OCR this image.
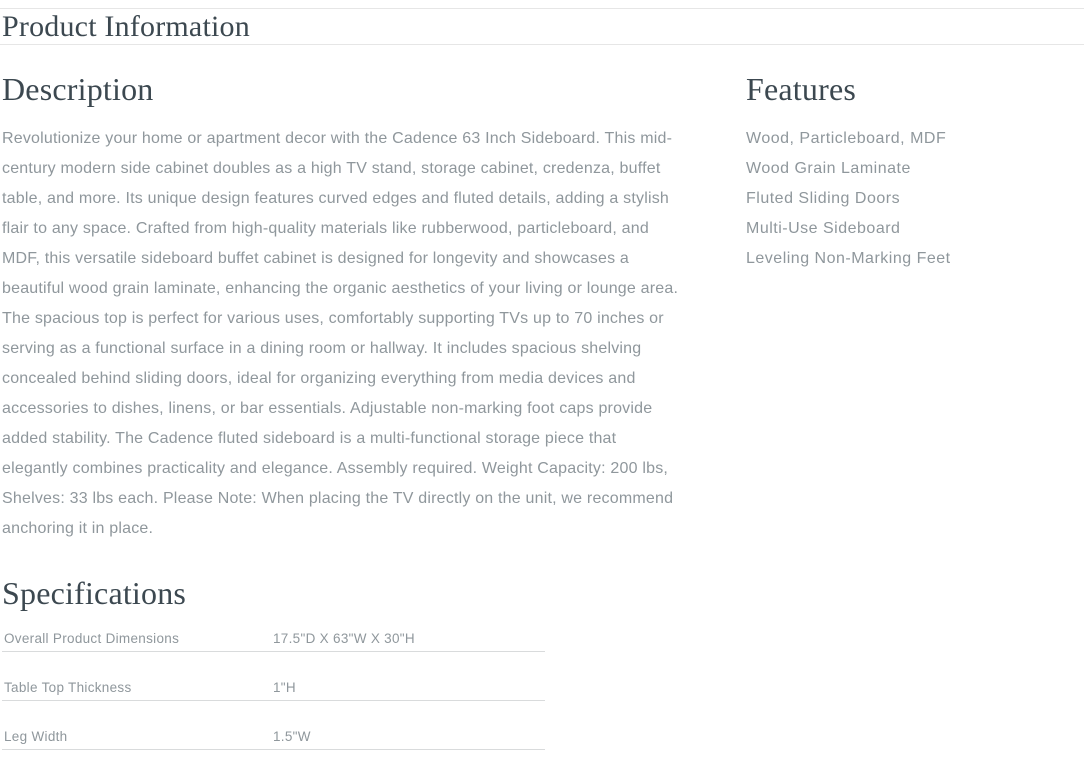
Product Information
Description

Revolutionize your home or apartment decor with the Cadence 63 Inch Sideboard. This mid-century modern side cabinet doubles as a high TV stand, storage cabinet, credenza, buffet table, and more. Its unique design features curved edges and fluted details, adding a stylish flair to any space. Crafted from high-quality materials like rubberwood, particleboard, and MDF, this versatile sideboard buffet cabinet is designed for longevity and showcases a beautiful wood grain laminate, enhancing the organic aesthetics of your living or lounge area. The spacious top is perfect for various uses, comfortably supporting TVs up to 70 inches or serving as a functional surface in a dining room or hallway. It includes spacious shelving concealed behind sliding doors, ideal for organizing everything from media devices and accessories to dishes, linens, or bar essentials. Adjustable non-marking foot caps provide added stability. The Cadence fluted sideboard is a multi-functional storage piece that elegantly combines practicality and elegance. Assembly required. Weight Capacity: 200 lbs, Shelves: 33 lbs each. Please Note: When placing the TV directly on the unit, we recommend anchoring it in place.

Specifications
Overall Product Dimensions	17.5"D X 63"W X 30"H
Table Top Thickness	1"H
Leg Width	1.5"W
Features
Wood, Particleboard, MDF
Wood Grain Laminate
Fluted Sliding Doors
Multi-Use Sideboard
Leveling Non-Marking Feet
